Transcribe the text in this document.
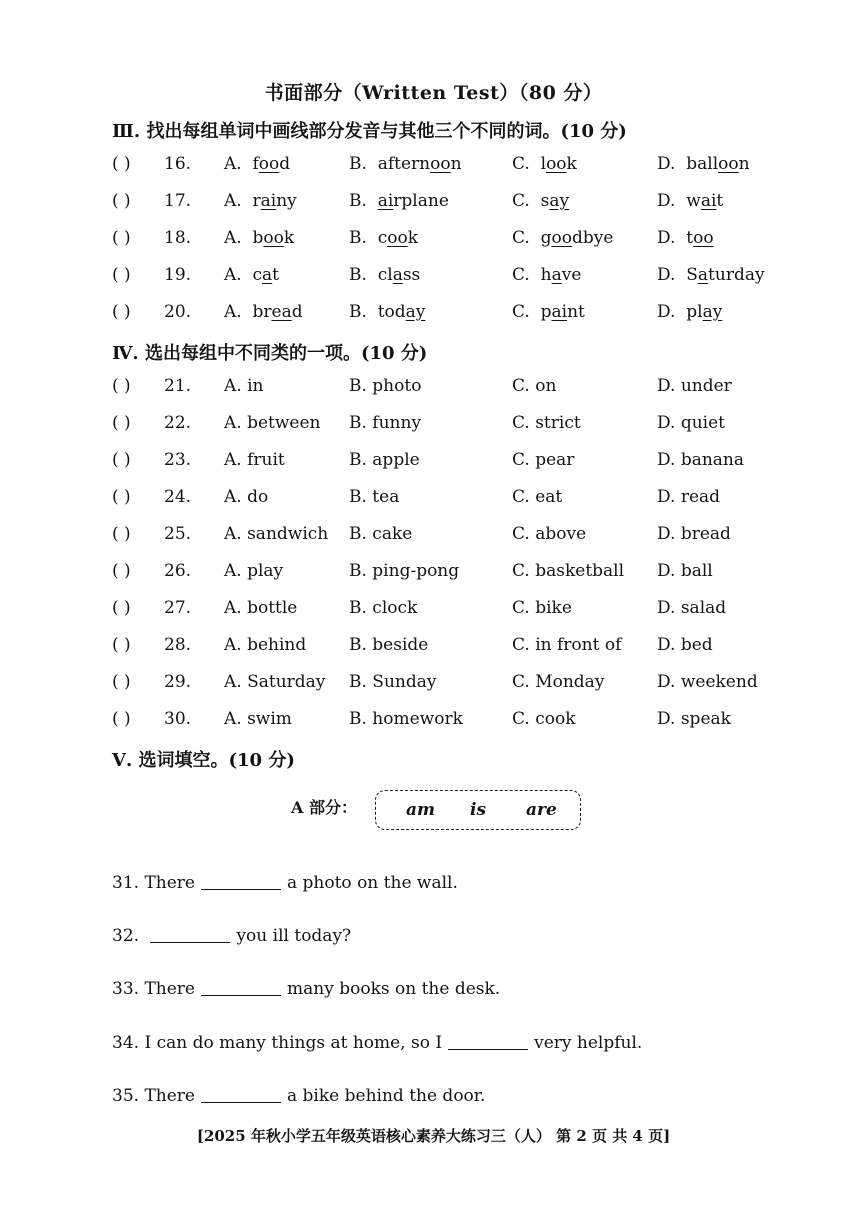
书面部分（Written Test）（80 分）
Ⅲ. 找出每组单词中画线部分发音与其他三个不同的词。(10 分)
( ) 16. A. food	B. afternoon	C. look	D. balloon
( ) 17. A. rainy	B. airplane	C. say	D. wait
( ) 18. A. book	B. cook	C. goodbye	D. too
( ) 19. A. cat	B. class	C. have	D. Saturday
( ) 20. A. bread	B. today	C. paint	D. play
Ⅳ. 选出每组中不同类的一项。(10 分)
( ) 21. A. in	B. photo	C. on	D. under
( ) 22. A. between B. funny	C. strict	D. quiet
( ) 23. A. fruit	B. apple	C. pear	D. banana
( ) 24. A. do	B. tea	C. eat	D. read
( ) 25. A. sandwich B. cake	C. above	D. bread
( ) 26. A. play	B. ping-pong	C. basketball D. ball
( ) 27. A. bottle	B. clock	C. bike	D. salad
( ) 28. A. behind	B. beside	C. in front of D. bed
( ) 29. A. Saturday B. Sunday	C. Monday	D. weekend
( ) 30. A. swim	B. homework	C. cook	D. speak
Ⅴ. 选词填空。(10 分)
A 部分：	am is are
31. There	a photo on the wall.
32.	you ill today?
33. There	many books on the desk.
34. I can do many things at home, so I	very helpful.
35. There	a bike behind the door.
[2025 年秋小学五年级英语核心素养大练习三（人） 第 2 页 共 4 页]
